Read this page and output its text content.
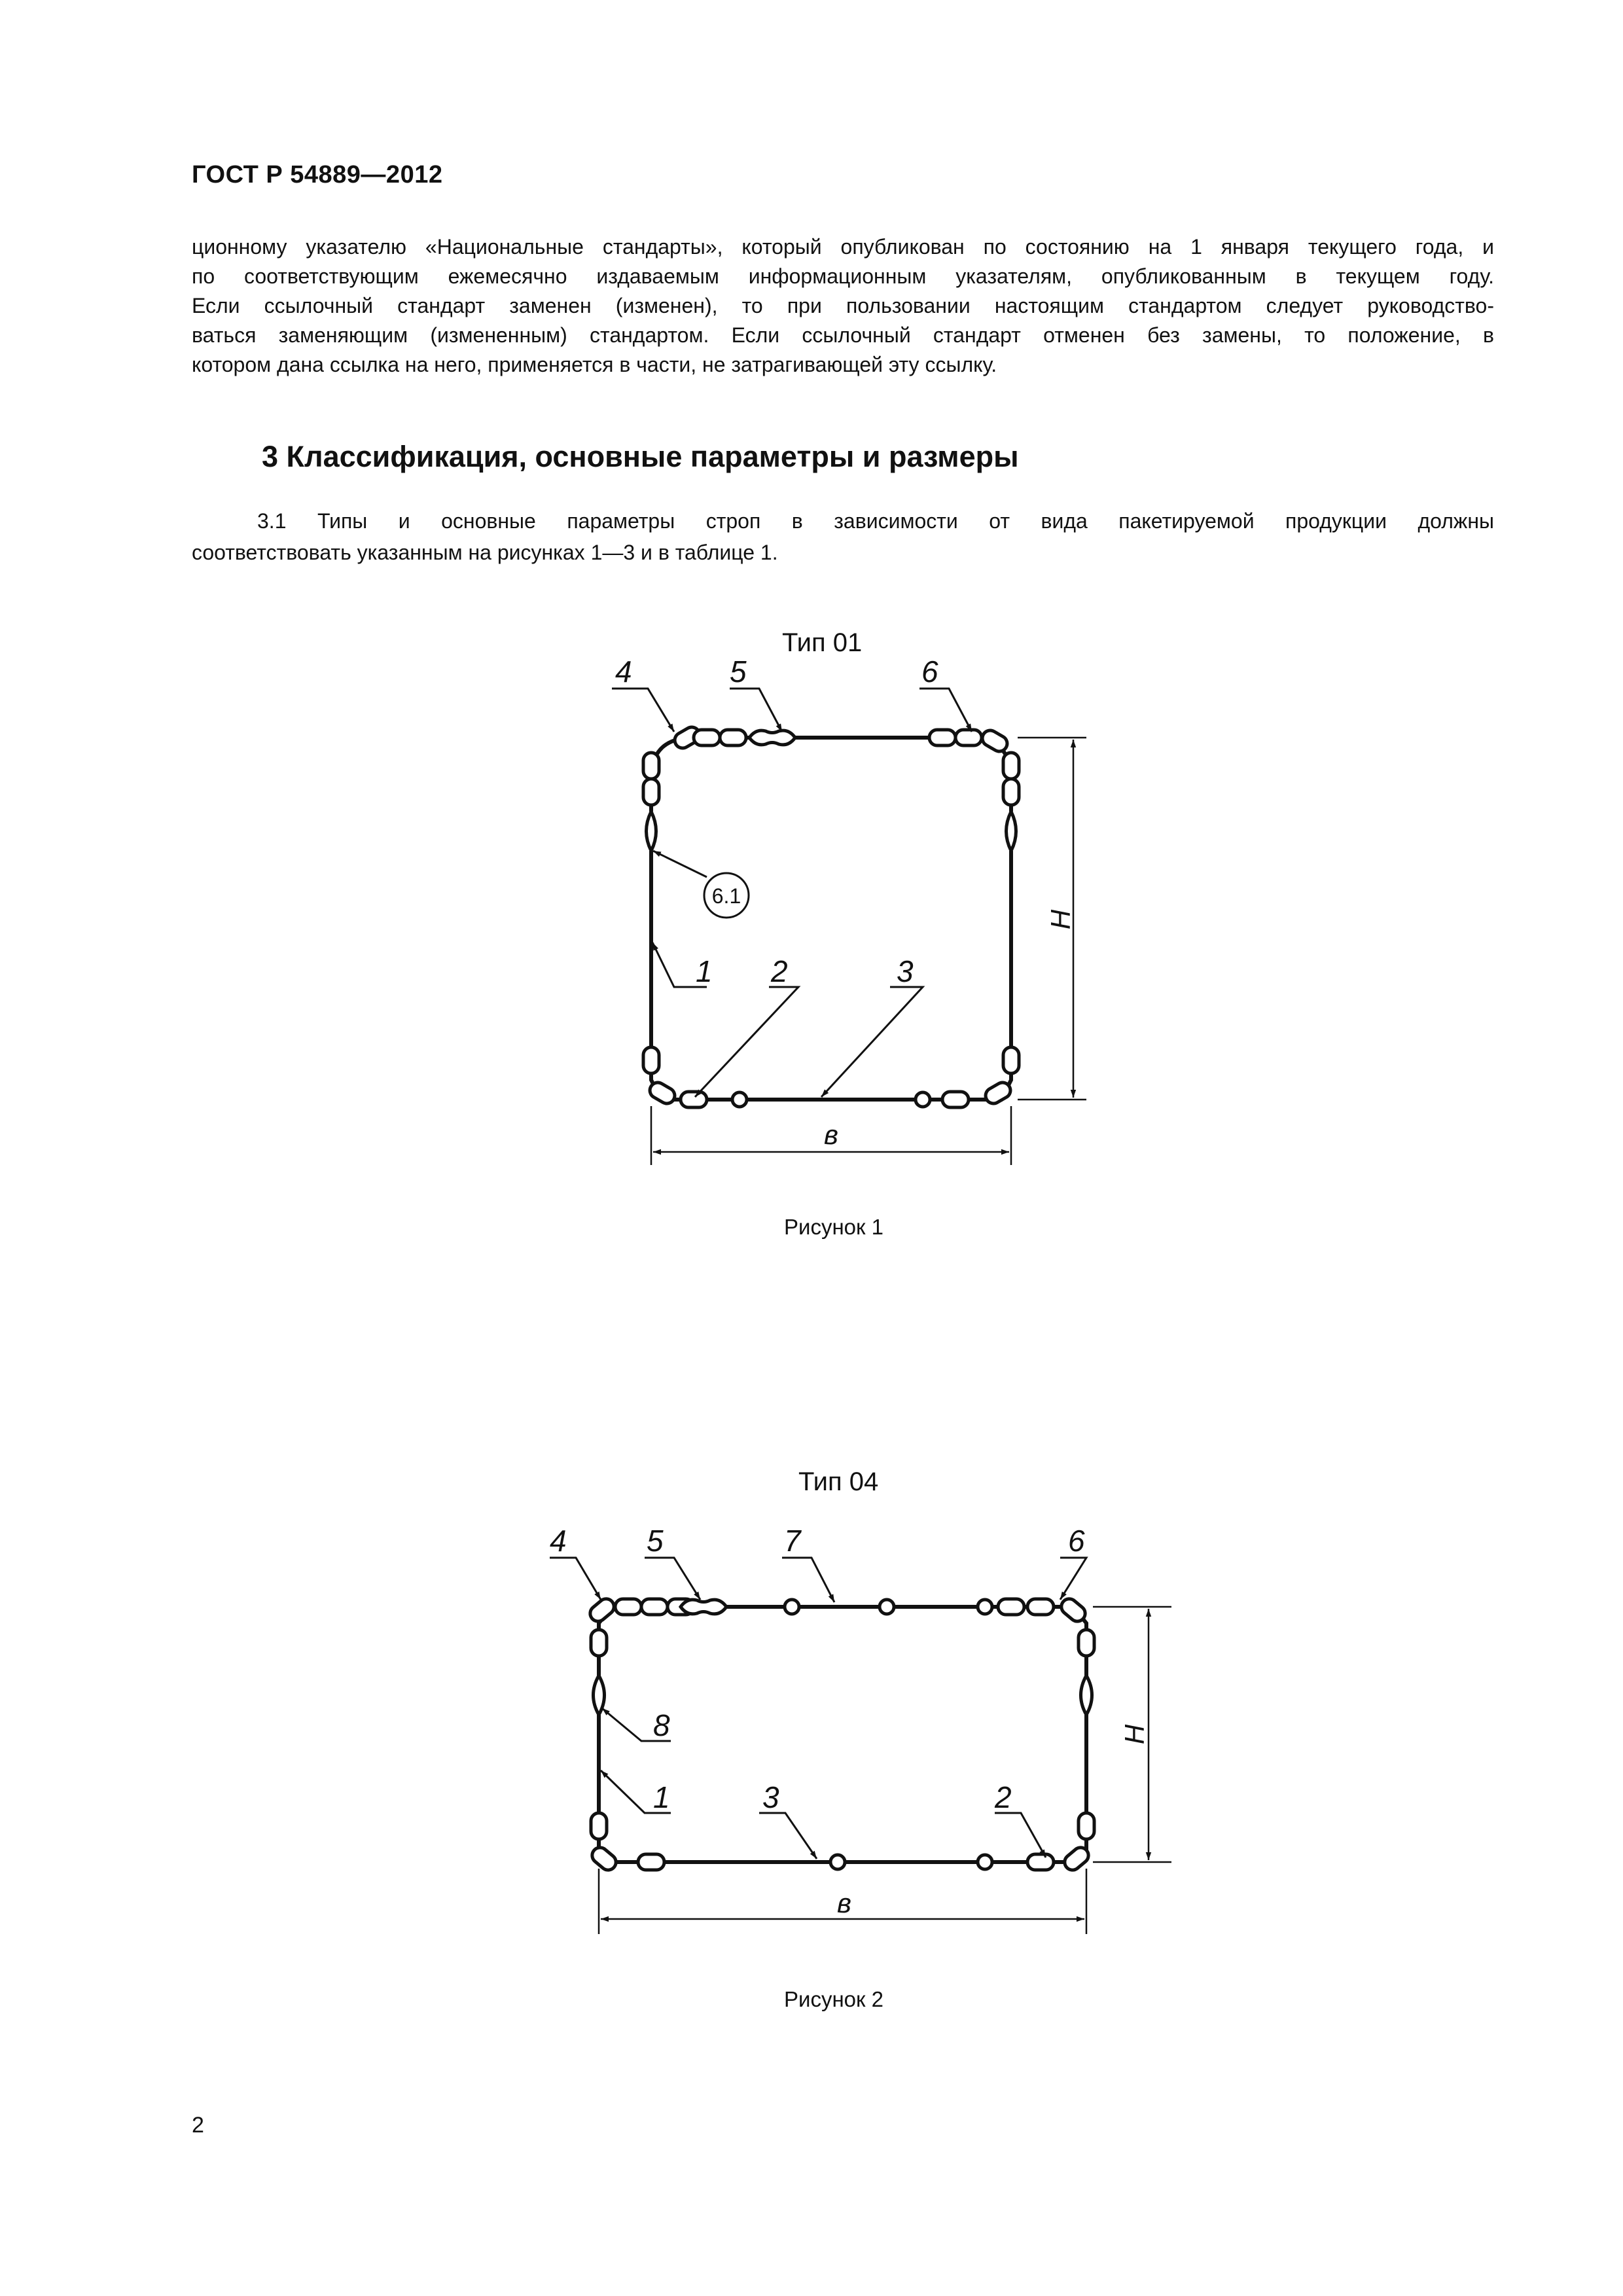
ГОСТ Р 54889—2012
ционному указателю «Национальные стандарты», который опубликован по состоянию на 1 января текущего года, и
по соответствующим ежемесячно издаваемым информационным указателям, опубликованным в текущем году.
Если ссылочный стандарт заменен (изменен), то при пользовании настоящим стандартом следует руководство-
ваться заменяющим (измененным) стандартом. Если ссылочный стандарт отменен без замены, то положение, в
котором дана ссылка на него, применяется в части, не затрагивающей эту ссылку.
3 Классификация, основные параметры и размеры
3.1 Типы и основные параметры строп в зависимости от вида пакетируемой продукции должны
соответствовать указанным на рисунках 1—3 и в таблице 1.
Тип 01
4	5	6
6.1
1 2	3
H
в
Рисунок 1
Тип 04
4	5	7	6
8
1	3	2
H
в
Рисунок 2
2
